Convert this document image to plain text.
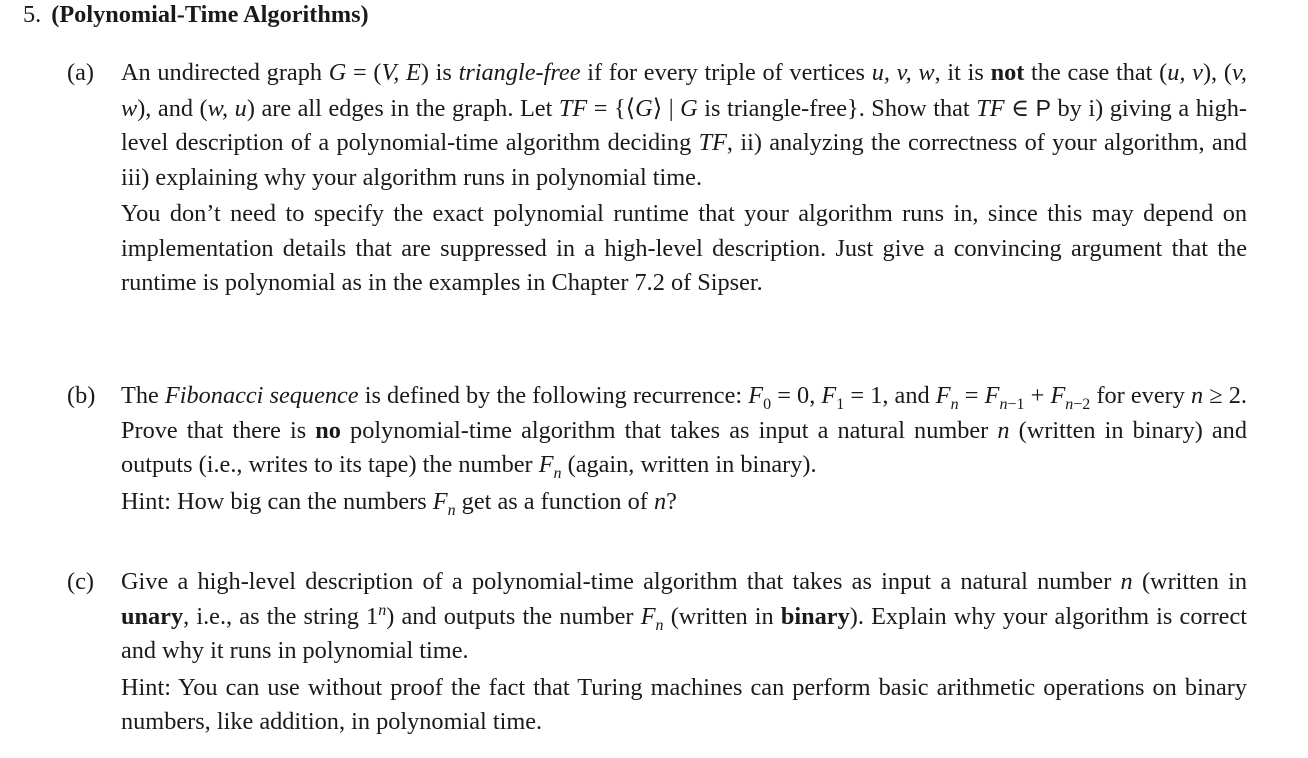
5. (Polynomial-Time Algorithms)
(a) An undirected graph G = (V, E) is triangle-free if for every triple of vertices u, v, w, it is not the case that (u, v), (v, w), and (w, u) are all edges in the graph. Let TF = {⟨G⟩ | G is triangle-free}. Show that TF ∈ P by i) giving a high-level description of a polynomial-time algorithm deciding TF, ii) analyzing the correctness of your algorithm, and iii) explaining why your algorithm runs in polynomial time.

You don’t need to specify the exact polynomial runtime that your algorithm runs in, since this may depend on implementation details that are suppressed in a high-level description. Just give a convincing argument that the runtime is polynomial as in the examples in Chapter 7.2 of Sipser.

(b) The Fibonacci sequence is defined by the following recurrence: $F_0 = 0$, $F_1 = 1$, and $F_n = F_{n-1} + F_{n-2}$ for every n ≥ 2. Prove that there is no polynomial-time algorithm that takes as input a natural number n (written in binary) and outputs (i.e., writes to its tape) the number $F_n$ (again, written in binary).

Hint: How big can the numbers $F_n$ get as a function of n?

(c) Give a high-level description of a polynomial-time algorithm that takes as input a natural number n (written in unary, i.e., as the string 1$^n$) and outputs the number $F_n$ (written in binary). Explain why your algorithm is correct and why it runs in polynomial time.

Hint: You can use without proof the fact that Turing machines can perform basic arithmetic operations on binary numbers, like addition, in polynomial time.
